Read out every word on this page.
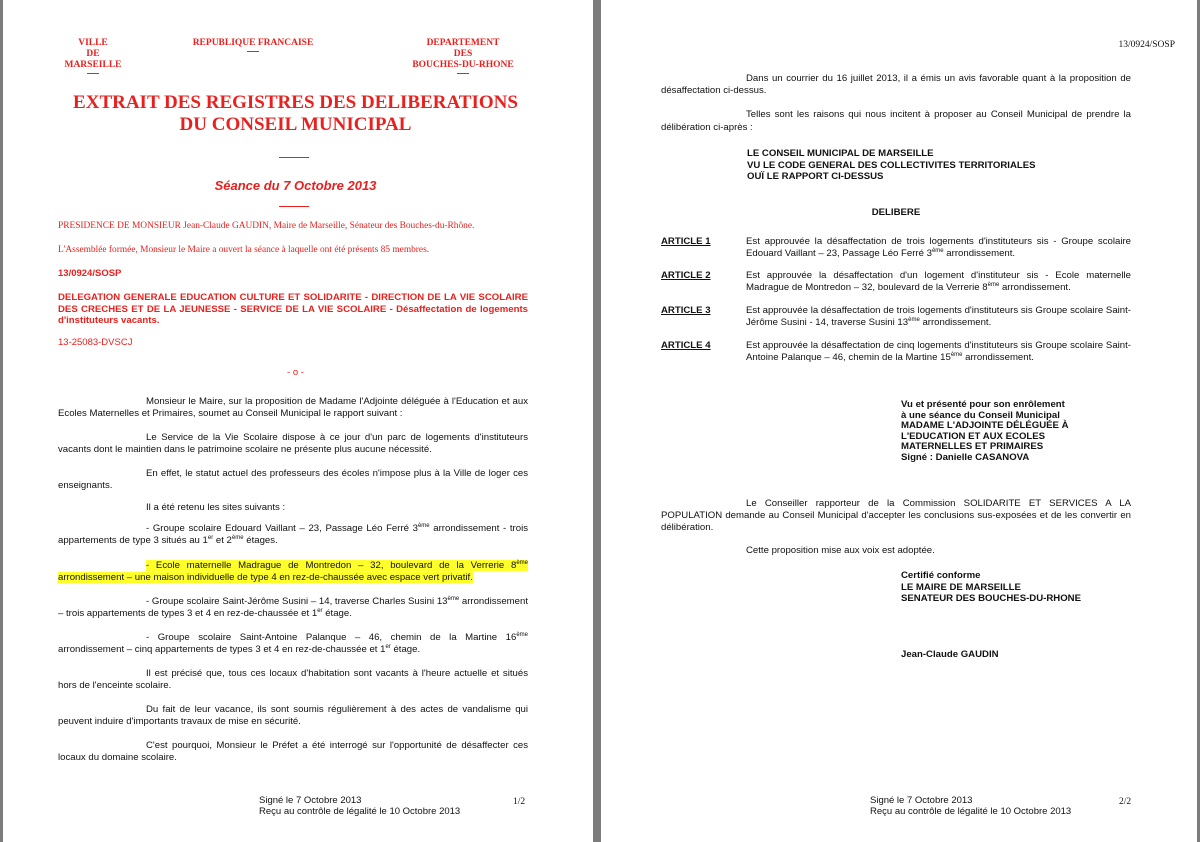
VILLE
DE
MARSEILLE
REPUBLIQUE FRANCAISE	DEPARTEMENT
DES
BOUCHES-DU-RHONE
EXTRAIT DES REGISTRES DES DELIBERATIONS
DU CONSEIL MUNICIPAL
Séance du 7 Octobre 2013
PRESIDENCE DE MONSIEUR Jean-Claude GAUDIN, Maire de Marseille, Sénateur des Bouches-du-Rhône.
L'Assemblée formée, Monsieur le Maire a ouvert la séance à laquelle ont été présents 85 membres.
13/0924/SOSP
DELEGATION GENERALE EDUCATION CULTURE ET SOLIDARITE - DIRECTION DE LA VIE SCOLAIRE DES CRECHES ET DE LA JEUNESSE - SERVICE DE LA VIE SCOLAIRE - Désaffectation de logements d'instituteurs vacants.
13-25083-DVSCJ
- o -
Monsieur le Maire, sur la proposition de Madame l'Adjointe déléguée à l'Education et aux Ecoles Maternelles et Primaires, soumet au Conseil Municipal le rapport suivant :
Le Service de la Vie Scolaire dispose à ce jour d'un parc de logements d'instituteurs vacants dont le maintien dans le patrimoine scolaire ne présente plus aucune nécessité.
En effet, le statut actuel des professeurs des écoles n'impose plus à la Ville de loger ces enseignants.
Il a été retenu les sites suivants :
- Groupe scolaire Edouard Vaillant – 23, Passage Léo Ferré 3ème arrondissement - trois appartements de type 3 situés au 1er et 2ème étages.
- Ecole maternelle Madrague de Montredon – 32, boulevard de la Verrerie 8ème arrondissement – une maison individuelle de type 4 en rez-de-chaussée avec espace vert privatif.
- Groupe scolaire Saint-Jérôme Susini – 14, traverse Charles Susini 13ème arrondissement – trois appartements de types 3 et 4 en rez-de-chaussée et 1er étage.
- Groupe scolaire Saint-Antoine Palanque – 46, chemin de la Martine 16ème arrondissement – cinq appartements de types 3 et 4 en rez-de-chaussée et 1er étage.
Il est précisé que, tous ces locaux d'habitation sont vacants à l'heure actuelle et situés hors de l'enceinte scolaire.
Du fait de leur vacance, ils sont soumis régulièrement à des actes de vandalisme qui peuvent induire d'importants travaux de mise en sécurité.
C'est pourquoi, Monsieur le Préfet a été interrogé sur l'opportunité de désaffecter ces locaux du domaine scolaire.
Signé le 7 Octobre 2013
Reçu au contrôle de légalité le 10 Octobre 2013
1/2
13/0924/SOSP
Dans un courrier du 16 juillet 2013, il a émis un avis favorable quant à la proposition de désaffectation ci-dessus.
Telles sont les raisons qui nous incitent à proposer au Conseil Municipal de prendre la délibération ci-après :
LE CONSEIL MUNICIPAL DE MARSEILLE
VU LE CODE GENERAL DES COLLECTIVITES TERRITORIALES
OUÏ LE RAPPORT CI-DESSUS
DELIBERE
ARTICLE 1	Est approuvée la désaffectation de trois logements d'instituteurs sis - Groupe scolaire Edouard Vaillant – 23, Passage Léo Ferré 3ème arrondissement.
ARTICLE 2	Est approuvée la désaffectation d'un logement d'instituteur sis - Ecole maternelle Madrague de Montredon – 32, boulevard de la Verrerie 8ème arrondissement.
ARTICLE 3	Est approuvée la désaffectation de trois logements d'instituteurs sis Groupe scolaire Saint-Jérôme Susini - 14, traverse Susini 13ème arrondissement.
ARTICLE 4	Est approuvée la désaffectation de cinq logements d'instituteurs sis Groupe scolaire Saint-Antoine Palanque – 46, chemin de la Martine 15ème arrondissement.
Vu et présenté pour son enrôlement
à une séance du Conseil Municipal
MADAME L'ADJOINTE DÉLÉGUÉE À
L'EDUCATION ET AUX ECOLES
MATERNELLES ET PRIMAIRES
Signé : Danielle CASANOVA
Le Conseiller rapporteur de la Commission SOLIDARITE ET SERVICES A LA POPULATION demande au Conseil Municipal d'accepter les conclusions sus-exposées et de les convertir en délibération.
Cette proposition mise aux voix est adoptée.
Certifié conforme
LE MAIRE DE MARSEILLE
SENATEUR DES BOUCHES-DU-RHONE
Jean-Claude GAUDIN
Signé le 7 Octobre 2013
Reçu au contrôle de légalité le 10 Octobre 2013
2/2
